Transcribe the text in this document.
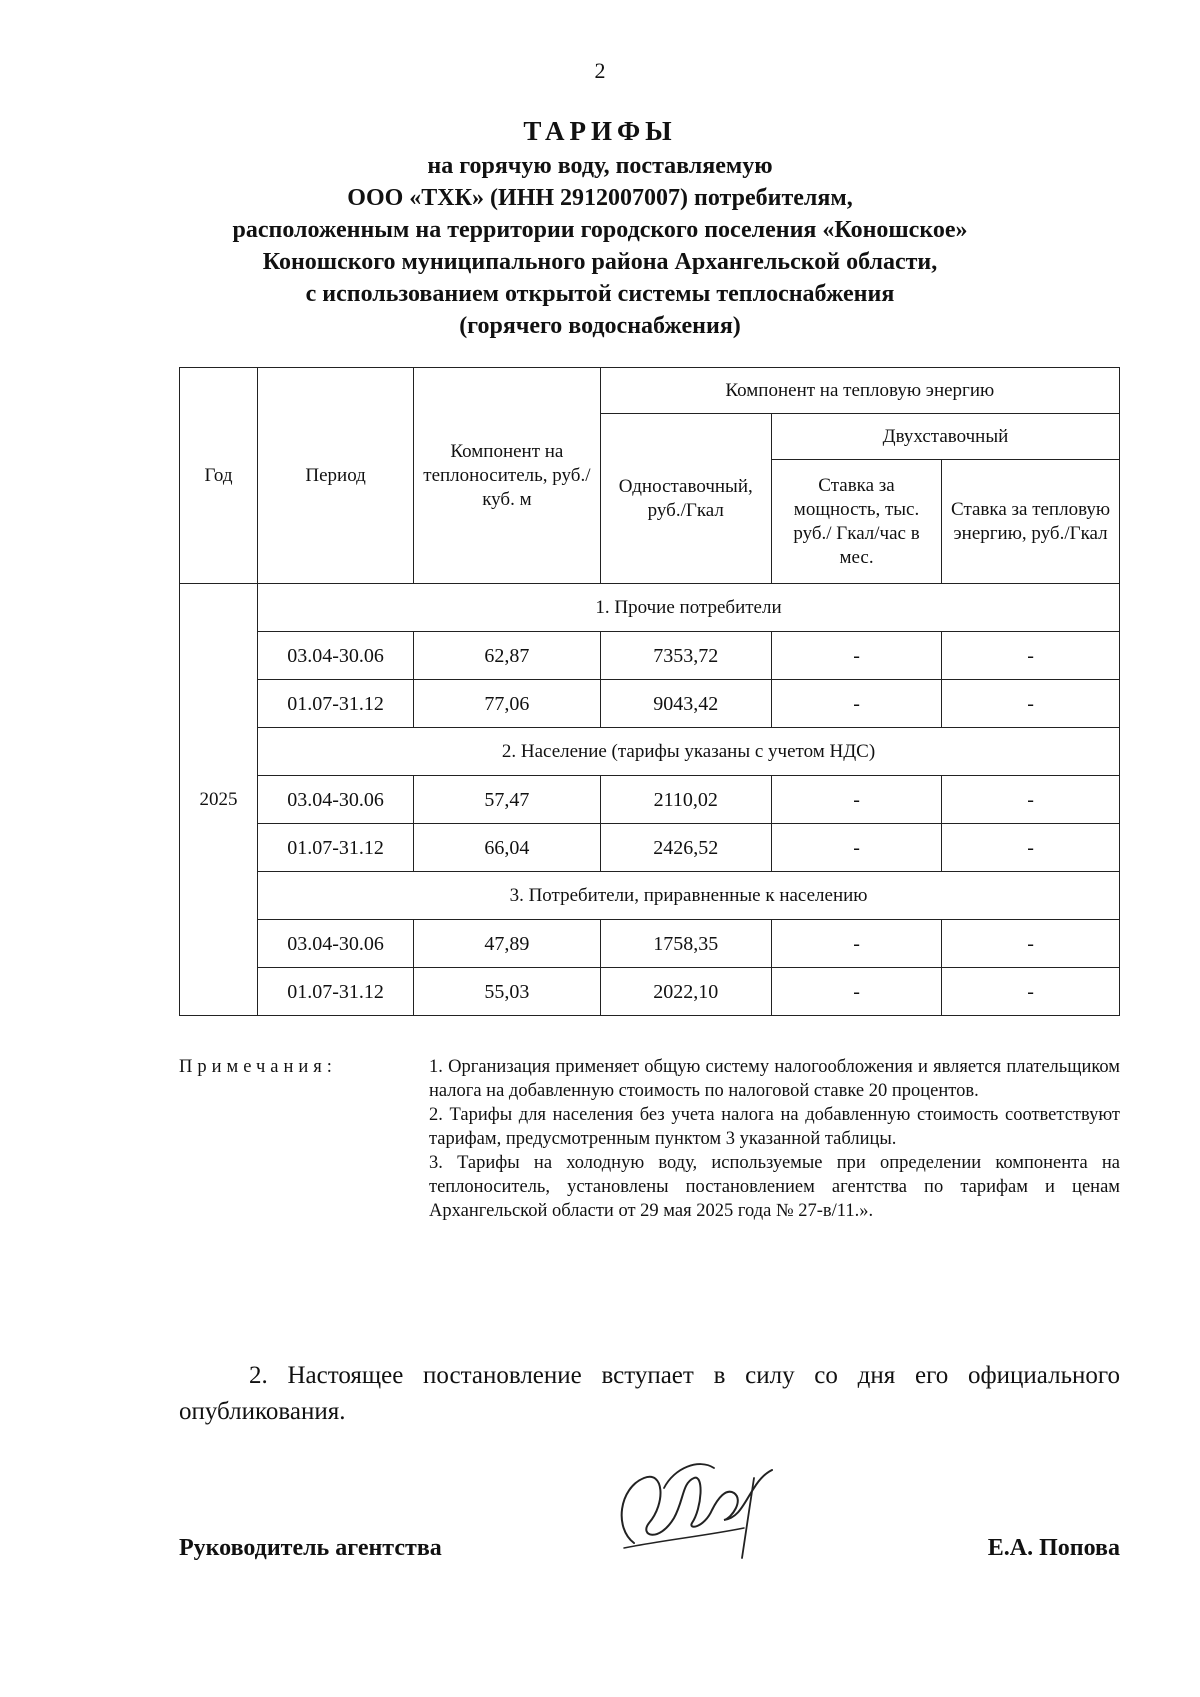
2
ТАРИФЫ
на горячую воду, поставляемую
ООО «ТХК» (ИНН 2912007007) потребителям,
расположенным на территории городского поселения «Коношское»
Коношского муниципального района Архангельской области,
с использованием открытой системы теплоснабжения
(горячего водоснабжения)
Год	Период	Компонент на теплоноситель, руб./куб. м	Компонент на тепловую энергию		
			Одноставочный, руб./Гкал	Двухставочный	
				Ставка за мощность, тыс. руб./ Гкал/час в мес.	Ставка за тепловую энергию, руб./Гкал
2025	1. Прочие потребители				
	03.04-30.06	62,87	7353,72	-	-
	01.07-31.12	77,06	9043,42	-	-
	2. Население (тарифы указаны с учетом НДС)				
	03.04-30.06	57,47	2110,02	-	-
	01.07-31.12	66,04	2426,52	-	-
	3. Потребители, приравненные к населению				
	03.04-30.06	47,89	1758,35	-	-
	01.07-31.12	55,03	2022,10	-	-
Примечания:	1. Организация применяет общую систему налогообложения и является плательщиком налога на добавленную стоимость по налоговой ставке 20 процентов.

2. Тарифы для населения без учета налога на добавленную стоимость соответствуют тарифам, предусмотренным пунктом 3 указанной таблицы.

3. Тарифы на холодную воду, используемые при определении компонента на теплоноситель, установлены постановлением агентства по тарифам и ценам Архангельской области от 29 мая 2025 года № 27-в/11.».

2. Настоящее постановление вступает в силу со дня его официального опубликования.
Руководитель агентства	Е.А. Попова
